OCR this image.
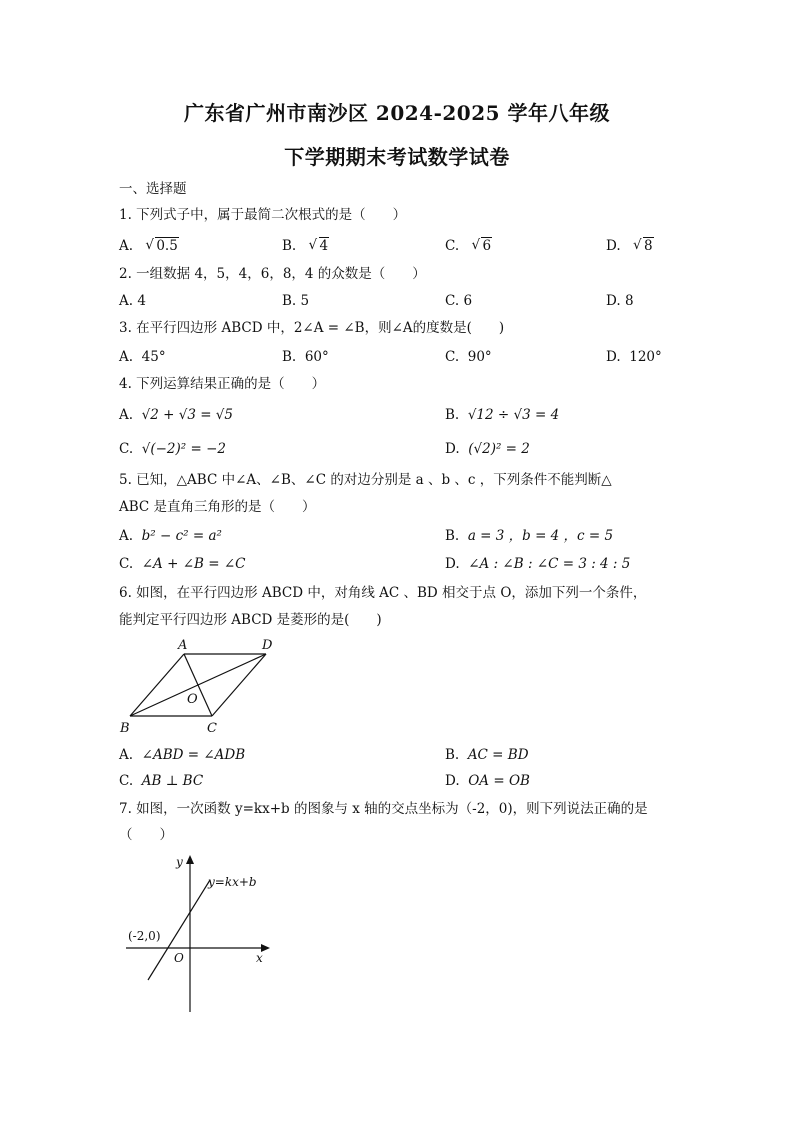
广东省广州市南沙区 2024-2025 学年八年级
下学期期末考试数学试卷
一、选择题
1. 下列式子中，属于最简二次根式的是（　　）
A. √ 0.5	B. √ 4	C. √ 6	D. √ 8
2. 一组数据 4，5，4，6，8，4 的众数是（　　）
A. 4	B. 5	C. 6	D. 8
3. 在平行四边形 ABCD 中，2∠A = ∠B，则∠A的度数是(　　)
A. 45°	B. 60°	C. 90°	D. 120°
4. 下列运算结果正确的是（　　）
A. √2 + √3 = √5	B. √12 ÷ √3 = 4
C. √(−2)² = −2	D. (√2)² = 2
5. 已知，△ABC 中∠A、∠B、∠C 的对边分别是 a 、b 、c ，下列条件不能判断△
ABC 是直角三角形的是（　　）
A. b² − c² = a²	B. a = 3 ，b = 4 ，c = 5
C. ∠A + ∠B = ∠C	D. ∠A : ∠B : ∠C = 3 : 4 : 5
6. 如图，在平行四边形 ABCD 中，对角线 AC 、BD 相交于点 O，添加下列一个条件，
能判定平行四边形 ABCD 是菱形的是(　　)
A	D
B	C
O
A. ∠ABD = ∠ADB	B. AC = BD
C. AB ⊥ BC	D. OA = OB
7. 如图，一次函数 y=kx+b 的图象与 x 轴的交点坐标为（-2，0)，则下列说法正确的是
（　　）
y
x
O
(-2,0)
y=kx+b
